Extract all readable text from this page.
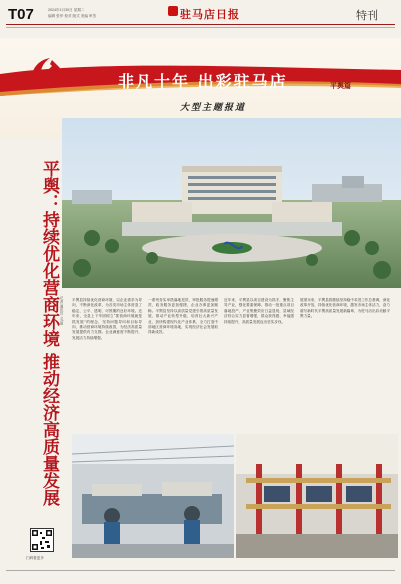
T07	2024年1月30日 星期二
编辑 张华 校对 版式 美编 审签	驻马店日报	特刊
非凡十年 出彩驻马店	平舆篇
大型主题报道
平舆：持续优化营商环境 推动经济高质量发展 记者 通讯员 文/图 平舆县持续优化营商环境，以企业需求为导向，不断深化改革，为各类市场主体营造了稳定、公平、透明、可预期的良好环境。近年来，全县上下牢固树立“抓营商环境就是抓发展”的理念，坚持问题导向和目标导向，推动营商环境持续改善，为经济高质量发展提供有力支撑。企业满意度不断提升，发展活力持续增强。
一系列务实举措落地见效，审批服务提速增效，政务服务更加便捷，企业办事更加顺畅。平舆县坚持以高质量党建引领高质量发展，推动产业转型升级，培育壮大新兴产业，加快构建现代化产业体系，全力打造中部地区营商环境高地，实现经济社会发展取得新成效。
近年来，平舆县以项目建设为抓手，聚焦主导产业，强化要素保障，推动一批重点项目落地投产，产业集聚效应日益显现，县域经济综合实力显著增强，群众获得感、幸福感持续提升，高质量发展迈出坚实步伐。
展望未来，平舆县将继续坚持稳中求进工作总基调，深化改革开放，持续优化营商环境，激发市场主体活力，奋力谱写新时代平舆高质量发展新篇章，为驻马店出彩贡献平舆力量。
扫码看更多
